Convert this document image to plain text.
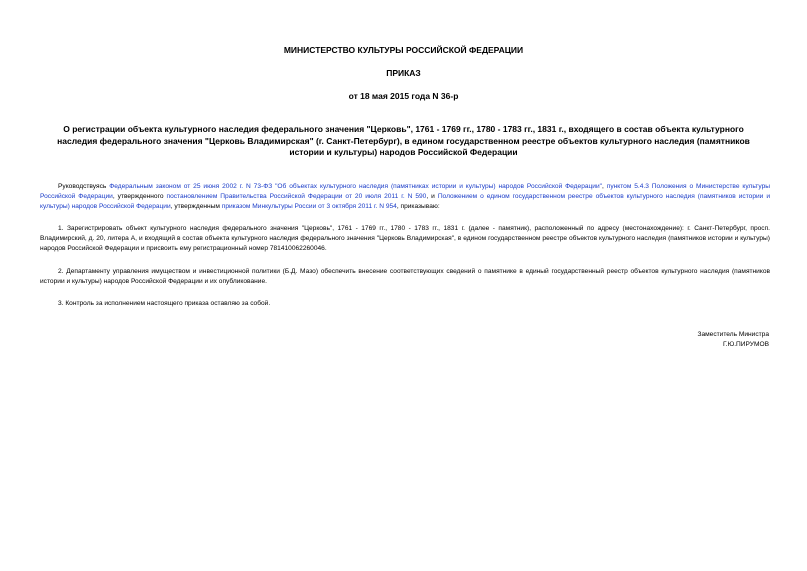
МИНИСТЕРСТВО КУЛЬТУРЫ РОССИЙСКОЙ ФЕДЕРАЦИИ
ПРИКАЗ
от 18 мая 2015 года N 36-р
О регистрации объекта культурного наследия федерального значения "Церковь", 1761 - 1769 гг., 1780 - 1783 гг., 1831 г., входящего в состав объекта культурного наследия федерального значения "Церковь Владимирская" (г. Санкт-Петербург), в едином государственном реестре объектов культурного наследия (памятников истории и культуры) народов Российской Федерации
Руководствуясь Федеральным законом от 25 июня 2002 г. N 73-ФЗ "Об объектах культурного наследия (памятниках истории и культуры) народов Российской Федерации", пунктом 5.4.3 Положения о Министерстве культуры Российской Федерации, утвержденного постановлением Правительства Российской Федерации от 20 июля 2011 г. N 590, и Положением о едином государственном реестре объектов культурного наследия (памятников истории и культуры) народов Российской Федерации, утвержденным приказом Минкультуры России от 3 октября 2011 г. N 954, приказываю:
1. Зарегистрировать объект культурного наследия федерального значения "Церковь", 1761 - 1769 гг., 1780 - 1783 гг., 1831 г. (далее - памятник), расположенный по адресу (местонахождение): г. Санкт-Петербург, просп. Владимирский, д. 20, литера А, и входящий в состав объекта культурного наследия федерального значения "Церковь Владимирская", в едином государственном реестре объектов культурного наследия (памятников истории и культуры) народов Российской Федерации и присвоить ему регистрационный номер 781410062260046.
2. Департаменту управления имуществом и инвестиционной политики (Б.Д. Мазо) обеспечить внесение соответствующих сведений о памятнике в единый государственный реестр объектов культурного наследия (памятников истории и культуры) народов Российской Федерации и их опубликование.
3. Контроль за исполнением настоящего приказа оставляю за собой.
Заместитель Министра
Г.Ю.ПИРУМОВ
